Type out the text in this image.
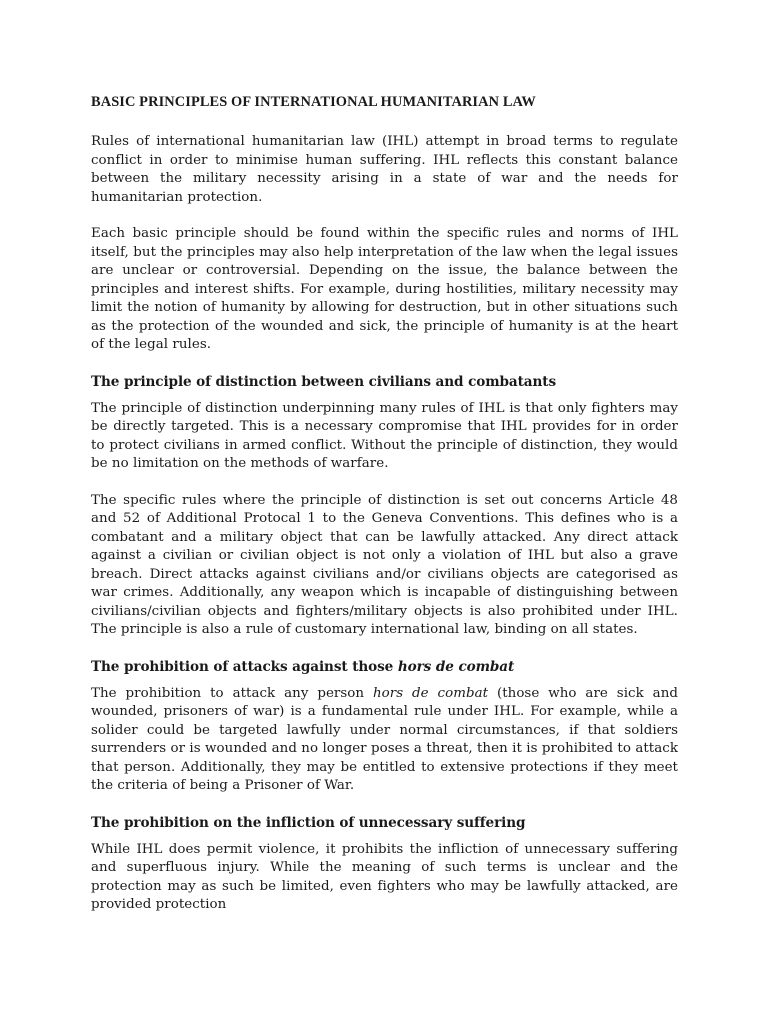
BASIC PRINCIPLES OF INTERNATIONAL HUMANITARIAN LAW

Rules of international humanitarian law (IHL) attempt in broad terms to regulate conflict in order to minimise human suffering. IHL reflects this constant balance between the military necessity arising in a state of war and the needs for humanitarian protection.

Each basic principle should be found within the specific rules and norms of IHL itself, but the principles may also help interpretation of the law when the legal issues are unclear or controversial. Depending on the issue, the balance between the principles and interest shifts. For example, during hostilities, military necessity may limit the notion of humanity by allowing for destruction, but in other situations such as the protection of the wounded and sick, the principle of humanity is at the heart of the legal rules.

The principle of distinction between civilians and combatants

The principle of distinction underpinning many rules of IHL is that only fighters may be directly targeted. This is a necessary compromise that IHL provides for in order to protect civilians in armed conflict. Without the principle of distinction, they would be no limitation on the methods of warfare.

The specific rules where the principle of distinction is set out concerns Article 48 and 52 of Additional Protocal 1 to the Geneva Conventions. This defines who is a combatant and a military object that can be lawfully attacked. Any direct attack against a civilian or civilian object is not only a violation of IHL but also a grave breach. Direct attacks against civilians and/or civilians objects are categorised as war crimes. Additionally, any weapon which is incapable of distinguishing between civilians/civilian objects and fighters/military objects is also prohibited under IHL. The principle is also a rule of customary international law, binding on all states.

The prohibition of attacks against those hors de combat

The prohibition to attack any person hors de combat (those who are sick and wounded, prisoners of war) is a fundamental rule under IHL. For example, while a solider could be targeted lawfully under normal circumstances, if that soldiers surrenders or is wounded and no longer poses a threat, then it is prohibited to attack that person. Additionally, they may be entitled to extensive protections if they meet the criteria of being a Prisoner of War.

The prohibition on the infliction of unnecessary suffering

While IHL does permit violence, it prohibits the infliction of unnecessary suffering and superfluous injury. While the meaning of such terms is unclear and the protection may as such be limited, even fighters who may be lawfully attacked, are provided protection
